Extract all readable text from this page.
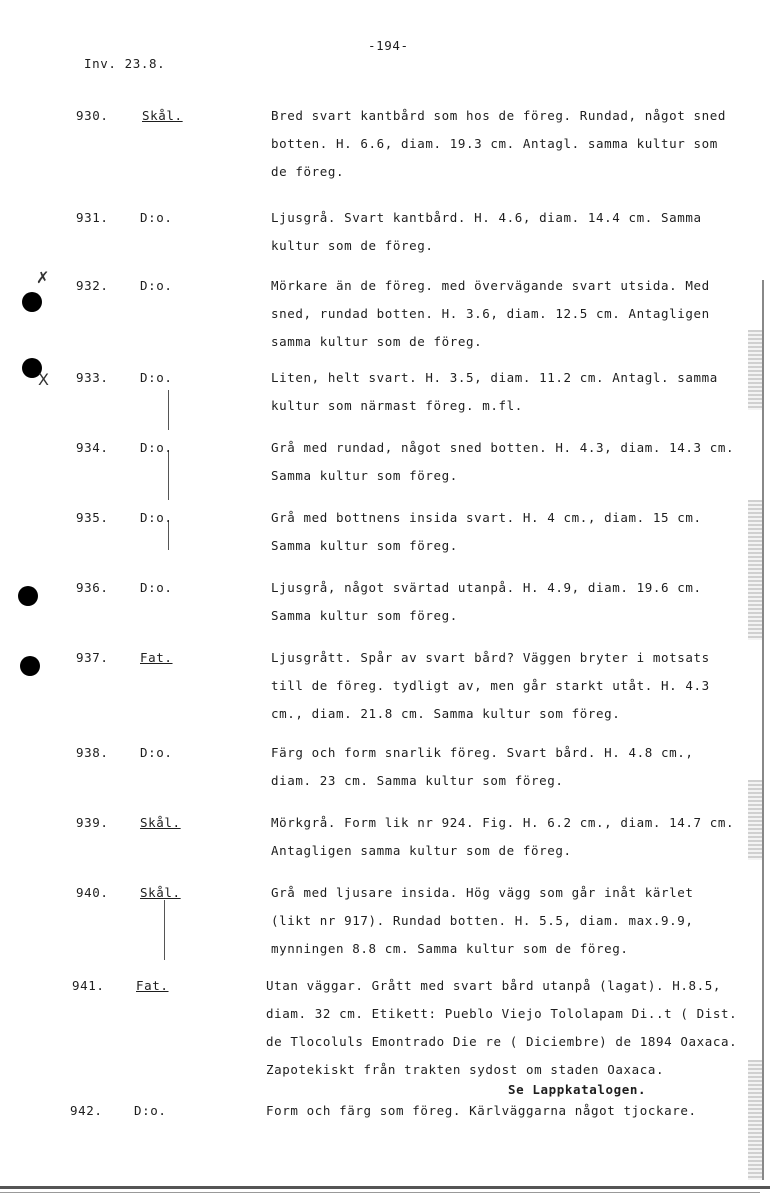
-194-
Inv. 23.8.
✗
X
930.	Skål.	Bred svart kantbård som hos de föreg. Rundad, något sned
botten. H. 6.6, diam. 19.3 cm. Antagl. samma kultur som
de föreg.
931.	D:o.	Ljusgrå. Svart kantbård. H. 4.6, diam. 14.4 cm. Samma
kultur som de föreg.
932.	D:o.	Mörkare än de föreg. med övervägande svart utsida. Med
sned, rundad botten. H. 3.6, diam. 12.5 cm. Antagligen
samma kultur som de föreg.
933.	D:o.	Liten, helt svart. H. 3.5, diam. 11.2 cm. Antagl. samma
kultur som närmast föreg. m.fl.
934.	D:o.	Grå med rundad, något sned botten. H. 4.3, diam. 14.3 cm.
Samma kultur som föreg.
935.	D:o.	Grå med bottnens insida svart. H. 4 cm., diam. 15 cm.
Samma kultur som föreg.
936.	D:o.	Ljusgrå, något svärtad utanpå. H. 4.9, diam. 19.6 cm.
Samma kultur som föreg.
937.	Fat.	Ljusgrått. Spår av svart bård? Väggen bryter i motsats
till de föreg. tydligt av, men går starkt utåt. H. 4.3
cm., diam. 21.8 cm. Samma kultur som föreg.
938.	D:o.	Färg och form snarlik föreg. Svart bård. H. 4.8 cm.,
diam. 23 cm. Samma kultur som föreg.
939.	Skål.	Mörkgrå. Form lik nr 924. Fig. H. 6.2 cm., diam. 14.7 cm.
Antagligen samma kultur som de föreg.
940.	Skål.	Grå med ljusare insida. Hög vägg som går inåt kärlet
(likt nr 917). Rundad botten. H. 5.5, diam. max.9.9,
mynningen 8.8 cm. Samma kultur som de föreg.
941.	Fat.	Utan väggar. Grått med svart bård utanpå (lagat). H.8.5,
diam. 32 cm. Etikett: Pueblo Viejo Tololapam Di..t ( Dist.
de Tlocoluls Emontrado Die re ( Diciembre) de 1894 Oaxaca.
Zapotekiskt från trakten sydost om staden Oaxaca.
942.	D:o.	Form och färg som föreg. Kärlväggarna något tjockare.
Se Lappkatalogen.
